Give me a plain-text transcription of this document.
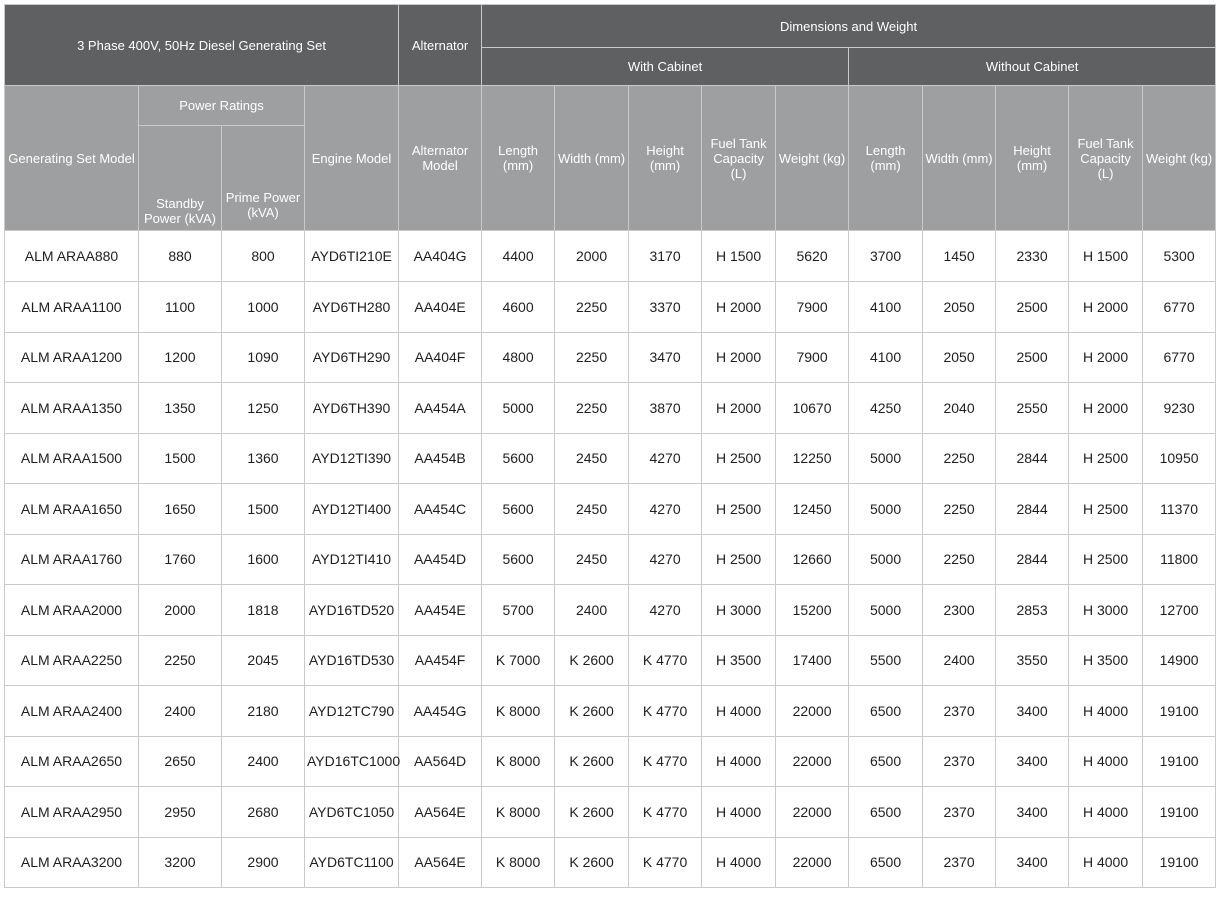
3 Phase 400V, 50Hz Diesel Generating Set				Alternator	Dimensions and Weight									
					With Cabinet					Without Cabinet				
Generating Set Model	Power Ratings		Engine Model	Alternator Model	Length (mm)	Width (mm)	Height (mm)	Fuel Tank Capacity (L)	Weight (kg)	Length (mm)	Width (mm)	Height (mm)	Fuel Tank Capacity (L)	Weight (kg)
	Standby Power (kVA)	Prime Power (kVA)												
ALM ARAA880	880	800	AYD6TI210E	AA404G	4400	2000	3170	H 1500	5620	3700	1450	2330	H 1500	5300
ALM ARAA1100	1100	1000	AYD6TH280	AA404E	4600	2250	3370	H 2000	7900	4100	2050	2500	H 2000	6770
ALM ARAA1200	1200	1090	AYD6TH290	AA404F	4800	2250	3470	H 2000	7900	4100	2050	2500	H 2000	6770
ALM ARAA1350	1350	1250	AYD6TH390	AA454A	5000	2250	3870	H 2000	10670	4250	2040	2550	H 2000	9230
ALM ARAA1500	1500	1360	AYD12TI390	AA454B	5600	2450	4270	H 2500	12250	5000	2250	2844	H 2500	10950
ALM ARAA1650	1650	1500	AYD12TI400	AA454C	5600	2450	4270	H 2500	12450	5000	2250	2844	H 2500	11370
ALM ARAA1760	1760	1600	AYD12TI410	AA454D	5600	2450	4270	H 2500	12660	5000	2250	2844	H 2500	11800
ALM ARAA2000	2000	1818	AYD16TD520	AA454E	5700	2400	4270	H 3000	15200	5000	2300	2853	H 3000	12700
ALM ARAA2250	2250	2045	AYD16TD530	AA454F	K 7000	K 2600	K 4770	H 3500	17400	5500	2400	3550	H 3500	14900
ALM ARAA2400	2400	2180	AYD12TC790	AA454G	K 8000	K 2600	K 4770	H 4000	22000	6500	2370	3400	H 4000	19100
ALM ARAA2650	2650	2400	AYD16TC1000	AA564D	K 8000	K 2600	K 4770	H 4000	22000	6500	2370	3400	H 4000	19100
ALM ARAA2950	2950	2680	AYD6TC1050	AA564E	K 8000	K 2600	K 4770	H 4000	22000	6500	2370	3400	H 4000	19100
ALM ARAA3200	3200	2900	AYD6TC1100	AA564E	K 8000	K 2600	K 4770	H 4000	22000	6500	2370	3400	H 4000	19100
